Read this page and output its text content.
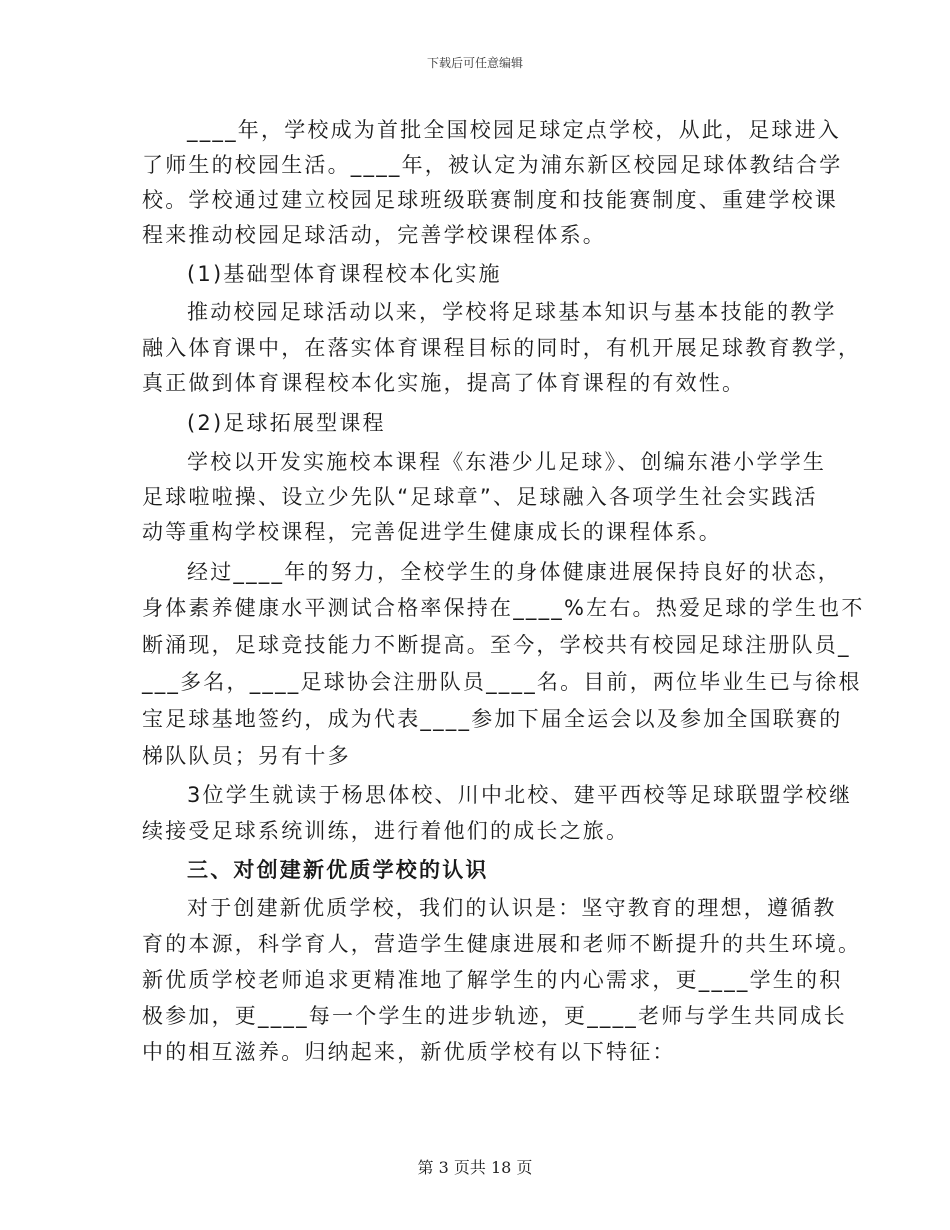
下载后可任意编辑
____年，学校成为首批全国校园足球定点学校，从此，足球进入
了师生的校园生活。____年，被认定为浦东新区校园足球体教结合学
校。学校通过建立校园足球班级联赛制度和技能赛制度、重建学校课
程来推动校园足球活动，完善学校课程体系。
(1)基础型体育课程校本化实施
推动校园足球活动以来，学校将足球基本知识与基本技能的教学
融入体育课中，在落实体育课程目标的同时，有机开展足球教育教学，
真正做到体育课程校本化实施，提高了体育课程的有效性。
(2)足球拓展型课程
学校以开发实施校本课程《东港少儿足球》、创编东港小学学生
足球啦啦操、设立少先队“足球章”、足球融入各项学生社会实践活
动等重构学校课程，完善促进学生健康成长的课程体系。
经过____年的努力，全校学生的身体健康进展保持良好的状态，
身体素养健康水平测试合格率保持在____%左右。热爱足球的学生也不
断涌现，足球竞技能力不断提高。至今，学校共有校园足球注册队员_
___多名，____足球协会注册队员____名。目前，两位毕业生已与徐根
宝足球基地签约，成为代表____参加下届全运会以及参加全国联赛的
梯队队员；另有十多
3位学生就读于杨思体校、川中北校、建平西校等足球联盟学校继
续接受足球系统训练，进行着他们的成长之旅。
三、对创建新优质学校的认识
对于创建新优质学校，我们的认识是：坚守教育的理想，遵循教
育的本源，科学育人，营造学生健康进展和老师不断提升的共生环境。
新优质学校老师追求更精准地了解学生的内心需求，更____学生的积
极参加，更____每一个学生的进步轨迹，更____老师与学生共同成长
中的相互滋养。归纳起来，新优质学校有以下特征：
第 3 页共 18 页
